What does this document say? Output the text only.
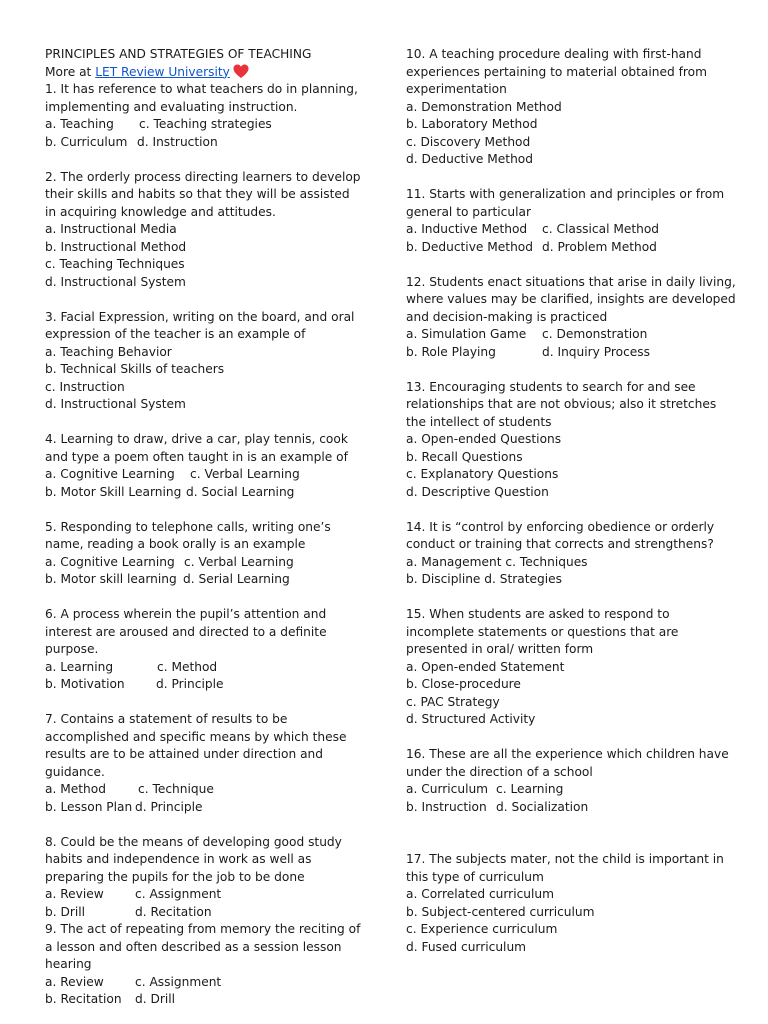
PRINCIPLES AND STRATEGIES OF TEACHING
More at LET Review University
1. It has reference to what teachers do in planning, implementing and evaluating instruction.
a. Teaching	c. Teaching strategies
b. Curriculum d. Instruction
2. The orderly process directing learners to develop their skills and habits so that they will be assisted in acquiring knowledge and attitudes.
a. Instructional Media
b. Instructional Method
c. Teaching Techniques
d. Instructional System
3. Facial Expression, writing on the board, and oral expression of the teacher is an example of
a. Teaching Behavior
b. Technical Skills of teachers
c. Instruction
d. Instructional System
4. Learning to draw, drive a car, play tennis, cook and type a poem often taught in is an example of
a. Cognitive Learning	c. Verbal Learning
b. Motor Skill Learning d. Social Learning
5. Responding to telephone calls, writing one’s name, reading a book orally is an example
a. Cognitive Learning c. Verbal Learning
b. Motor skill learning d. Serial Learning
6. A process wherein the pupil’s attention and interest are aroused and directed to a definite purpose.
a. Learning	c. Method
b. Motivation	d. Principle
7. Contains a statement of results to be accomplished and specific means by which these results are to be attained under direction and guidance.
a. Method	c. Technique
b. Lesson Plan d. Principle
8. Could be the means of developing good study habits and independence in work as well as preparing the pupils for the job to be done
a. Review	c. Assignment
b. Drill	d. Recitation
9. The act of repeating from memory the reciting of a lesson and often described as a session lesson hearing
a. Review	c. Assignment
b. Recitation	d. Drill
10. A teaching procedure dealing with first-hand experiences pertaining to material obtained from experimentation
a. Demonstration Method
b. Laboratory Method
c. Discovery Method
d. Deductive Method
11. Starts with generalization and principles or from general to particular
a. Inductive Method	c. Classical Method
b. Deductive Method d. Problem Method
12. Students enact situations that arise in daily living, where values may be clarified, insights are developed and decision-making is practiced
a. Simulation Game	c. Demonstration
b. Role Playing	d. Inquiry Process
13. Encouraging students to search for and see relationships that are not obvious; also it stretches the intellect of students
a. Open-ended Questions
b. Recall Questions
c. Explanatory Questions
d. Descriptive Question
14. It is “control by enforcing obedience or orderly conduct or training that corrects and strengthens?
a. Management c. Techniques
b. Discipline d. Strategies
15. When students are asked to respond to incomplete statements or questions that are presented in oral/ written form
a. Open-ended Statement
b. Close-procedure
c. PAC Strategy
d. Structured Activity
16. These are all the experience which children have under the direction of a school
a. Curriculum c. Learning
b. Instruction d. Socialization
17. The subjects mater, not the child is important in this type of curriculum
a. Correlated curriculum
b. Subject-centered curriculum
c. Experience curriculum
d. Fused curriculum
